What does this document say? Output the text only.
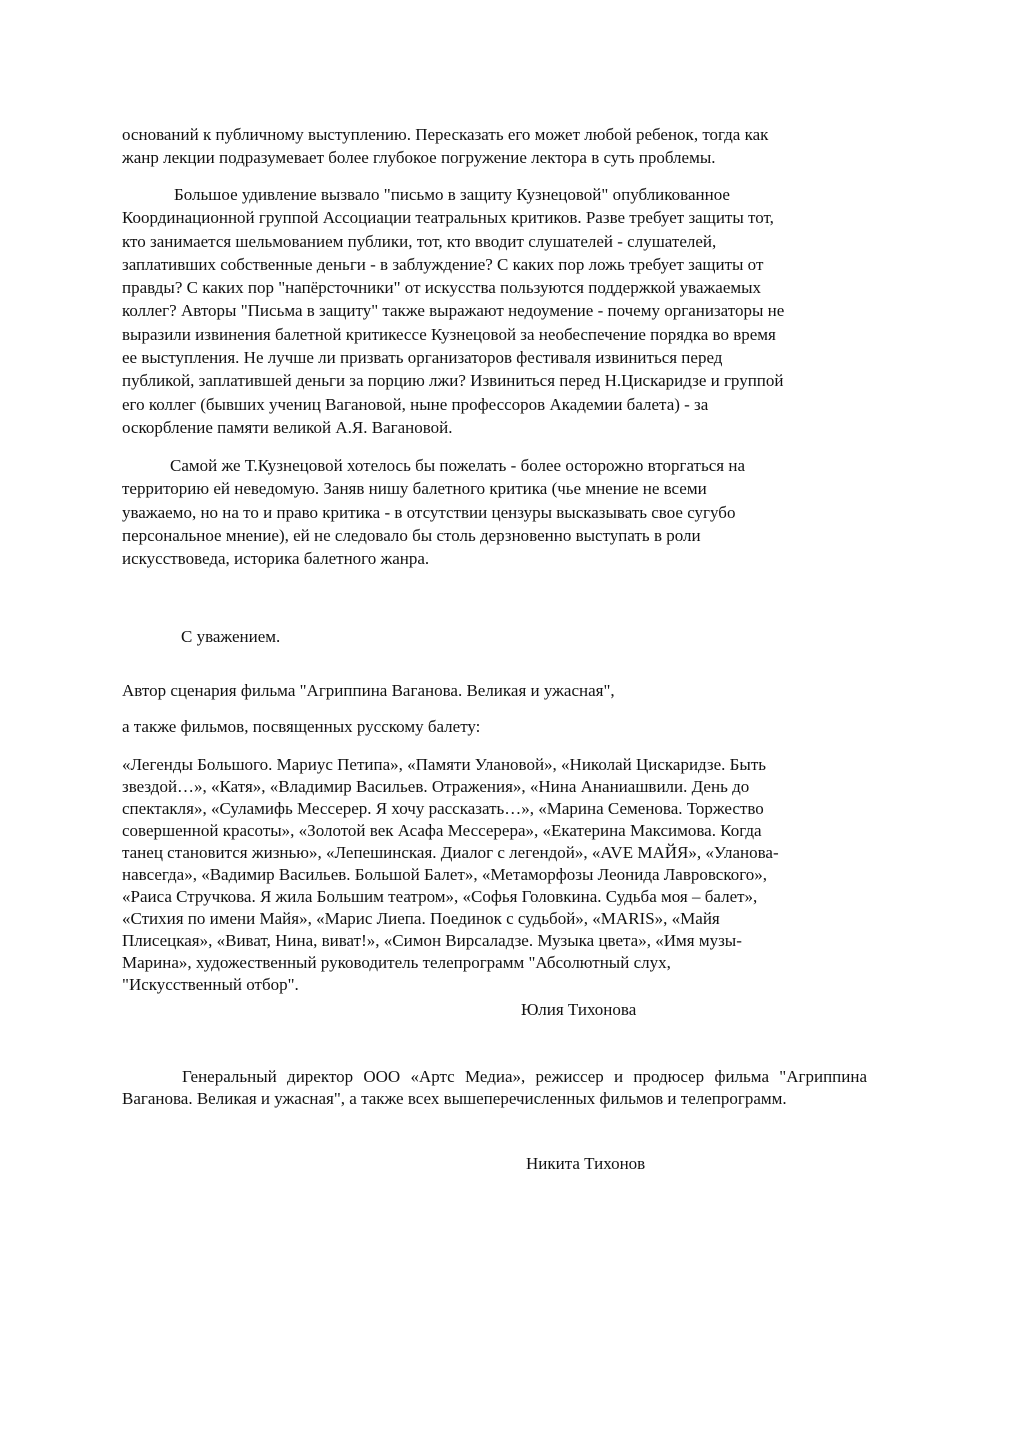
оснований к публичному выступлению. Пересказать его может любой ребенок, тогда как
жанр лекции подразумевает более глубокое погружение лектора в суть проблемы.
Большое удивление вызвало "письмо в защиту Кузнецовой" опубликованное
Координационной группой Ассоциации театральных критиков. Разве требует защиты тот,
кто занимается шельмованием публики, тот, кто вводит слушателей - слушателей,
заплативших собственные деньги - в заблуждение? С каких пор ложь требует защиты от
правды? С каких пор "напёрсточники" от искусства пользуются поддержкой уважаемых
коллег? Авторы "Письма в защиту" также выражают недоумение - почему организаторы не
выразили извинения балетной критикессе Кузнецовой за необеспечение порядка во время
ее выступления. Не лучше ли призвать организаторов фестиваля извиниться перед
публикой, заплатившей деньги за порцию лжи? Извиниться перед Н.Цискаридзе и группой
его коллег (бывших учениц Вагановой, ныне профессоров Академии балета) - за
оскорбление памяти великой А.Я. Вагановой.
Самой же Т.Кузнецовой хотелось бы пожелать - более осторожно вторгаться на
территорию ей неведомую. Заняв нишу балетного критика (чье мнение не всеми
уважаемо, но на то и право критика - в отсутствии цензуры высказывать свое сугубо
персональное мнение), ей не следовало бы столь дерзновенно выступать в роли
искусствоведа, историка балетного жанра.

С уважением.

Автор сценария фильма "Агриппина Ваганова. Великая и ужасная",

а также фильмов, посвященных русскому балету:

«Легенды Большого. Мариус Петипа», «Памяти Улановой», «Николай Цискаридзе. Быть
звездой…», «Катя», «Владимир Васильев. Отражения», «Нина Ананиашвили. День до
спектакля», «Суламифь Мессерер. Я хочу рассказать…», «Марина Семенова. Торжество
совершенной красоты», «Золотой век Асафа Мессерера», «Екатерина Максимова. Когда
танец становится жизнью», «Лепешинская. Диалог с легендой», «AVE МАЙЯ», «Уланова-
навсегда», «Вадимир Васильев. Большой Балет», «Метаморфозы Леонида Лавровского»,
«Раиса Стручкова. Я жила Большим театром», «Софья Головкина. Судьба моя – балет»,
«Стихия по имени Майя», «Марис Лиепа. Поединок с судьбой», «MARIS», «Майя
Плисецкая», «Виват, Нина, виват!», «Симон Вирсаладзе. Музыка цвета», «Имя музы-
Марина», художественный руководитель телепрограмм "Абсолютный слух,
"Искусственный отбор".

Юлия Тихонова

Генеральный директор ООО «Артс Медиа», режиссер и продюсер фильма "Агриппина Ваганова. Великая и ужасная", а также всех вышеперечисленных фильмов и телепрограмм.

Никита Тихонов
